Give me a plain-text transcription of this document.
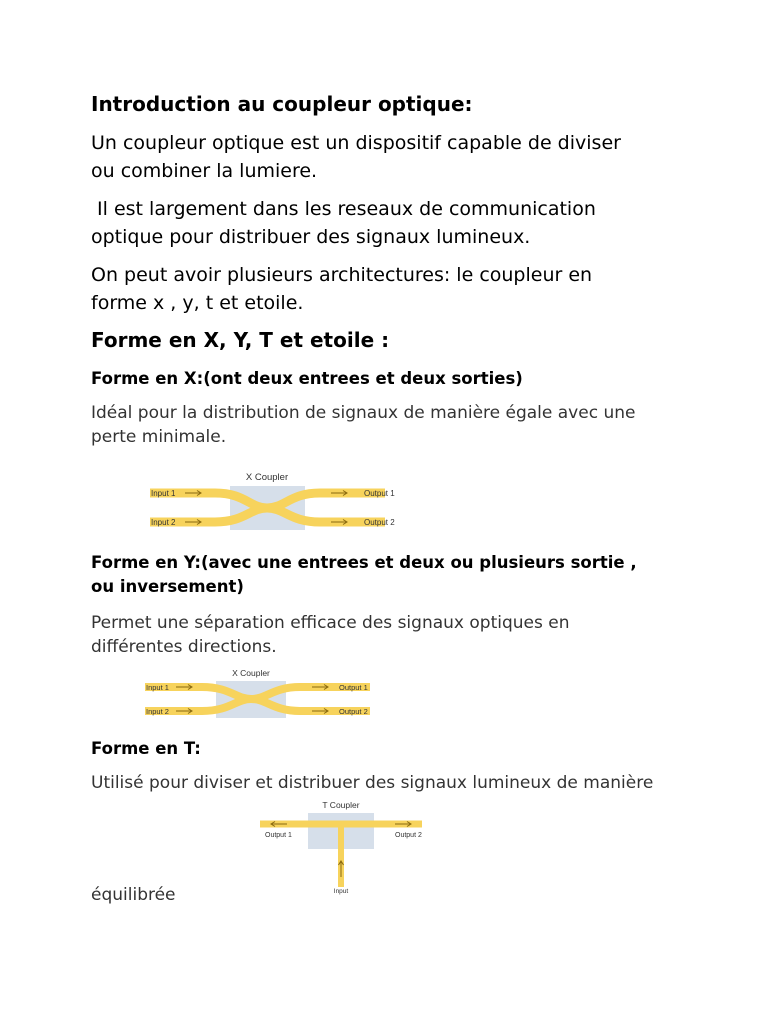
Introduction au coupleur optique:

Un coupleur optique est un dispositif capable de diviser
ou combiner la lumiere.

Il est largement dans les reseaux de communication
optique pour distribuer des signaux lumineux.

On peut avoir plusieurs architectures: le coupleur en
forme x , y, t et etoile.

Forme en X, Y, T et etoile :
Forme en X:(ont deux entrees et deux sorties)

Idéal pour la distribution de signaux de manière égale avec une
perte minimale.

X Coupler
Input 1
Input 2
Output 1
Output 2
Forme en Y:(avec une entrees et deux ou plusieurs sortie ,
ou inversement)

Permet une séparation efficace des signaux optiques en
différentes directions.

X Coupler
Input 1
Input 2
Output 1
Output 2
Forme en T:

Utilisé pour diviser et distribuer des signaux lumineux de manière

T Coupler
Output 1	Output 2
Input

équilibrée
